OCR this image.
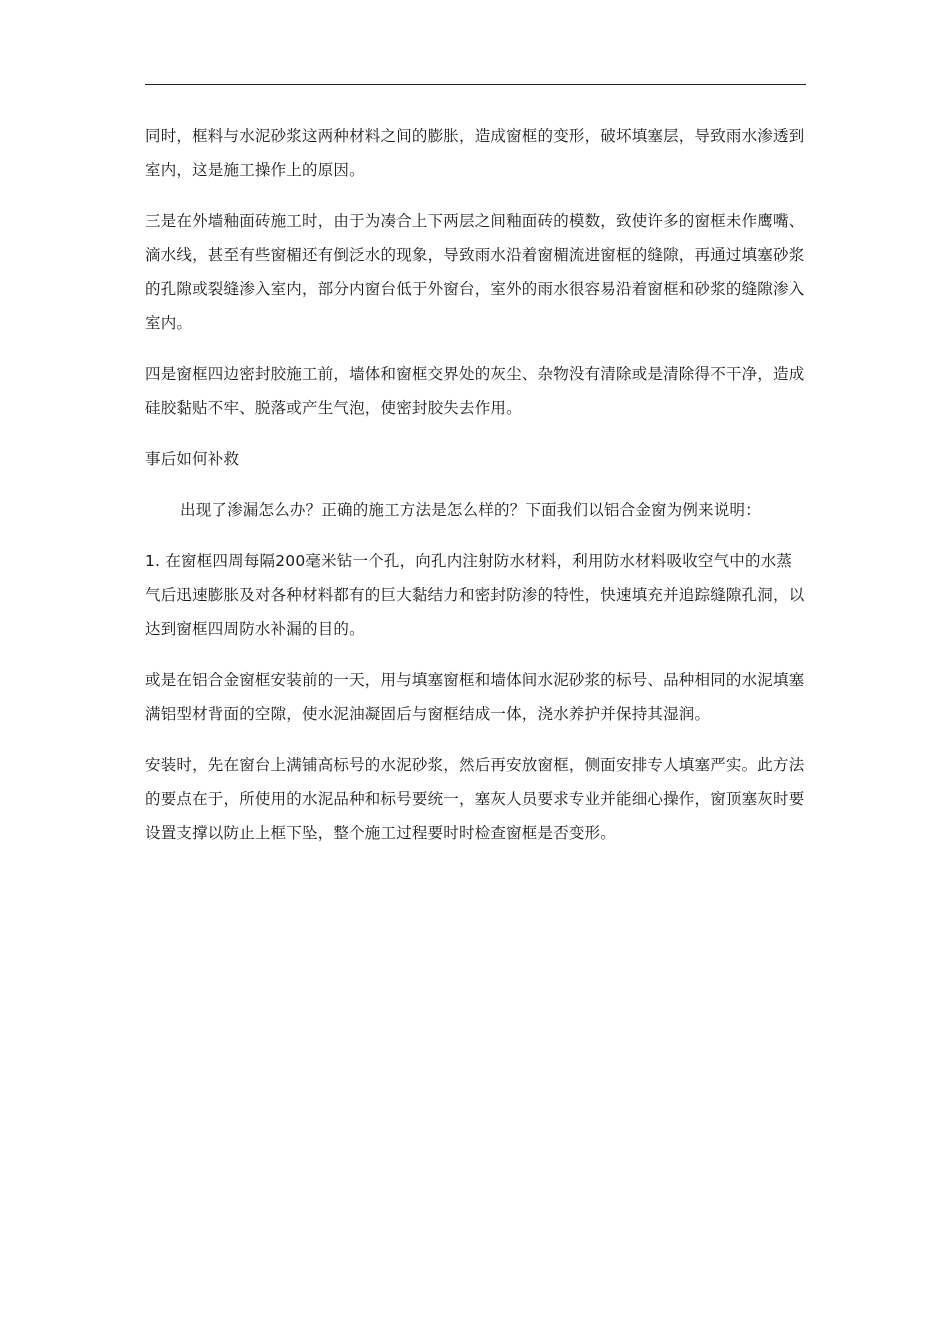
同时，框料与水泥砂浆这两种材料之间的膨胀，造成窗框的变形，破坏填塞层，导致雨水渗透到室内，这是施工操作上的原因。

三是在外墙釉面砖施工时，由于为凑合上下两层之间釉面砖的模数，致使许多的窗框未作鹰嘴、滴水线，甚至有些窗楣还有倒泛水的现象，导致雨水沿着窗楣流进窗框的缝隙，再通过填塞砂浆的孔隙或裂缝渗入室内，部分内窗台低于外窗台，室外的雨水很容易沿着窗框和砂浆的缝隙渗入室内。

四是窗框四边密封胶施工前，墙体和窗框交界处的灰尘、杂物没有清除或是清除得不干净，造成硅胶黏贴不牢、脱落或产生气泡，使密封胶失去作用。

事后如何补救

出现了渗漏怎么办？正确的施工方法是怎么样的？下面我们以铝合金窗为例来说明：

1. 在窗框四周每隔200毫米钻一个孔，向孔内注射防水材料，利用防水材料吸收空气中的水蒸气后迅速膨胀及对各种材料都有的巨大黏结力和密封防渗的特性，快速填充并追踪缝隙孔洞，以达到窗框四周防水补漏的目的。

或是在铝合金窗框安装前的一天，用与填塞窗框和墙体间水泥砂浆的标号、品种相同的水泥填塞满铝型材背面的空隙，使水泥油凝固后与窗框结成一体，浇水养护并保持其湿润。

安装时，先在窗台上满铺高标号的水泥砂浆，然后再安放窗框，侧面安排专人填塞严实。此方法的要点在于，所使用的水泥品种和标号要统一，塞灰人员要求专业并能细心操作，窗顶塞灰时要设置支撑以防止上框下坠，整个施工过程要时时检查窗框是否变形。
